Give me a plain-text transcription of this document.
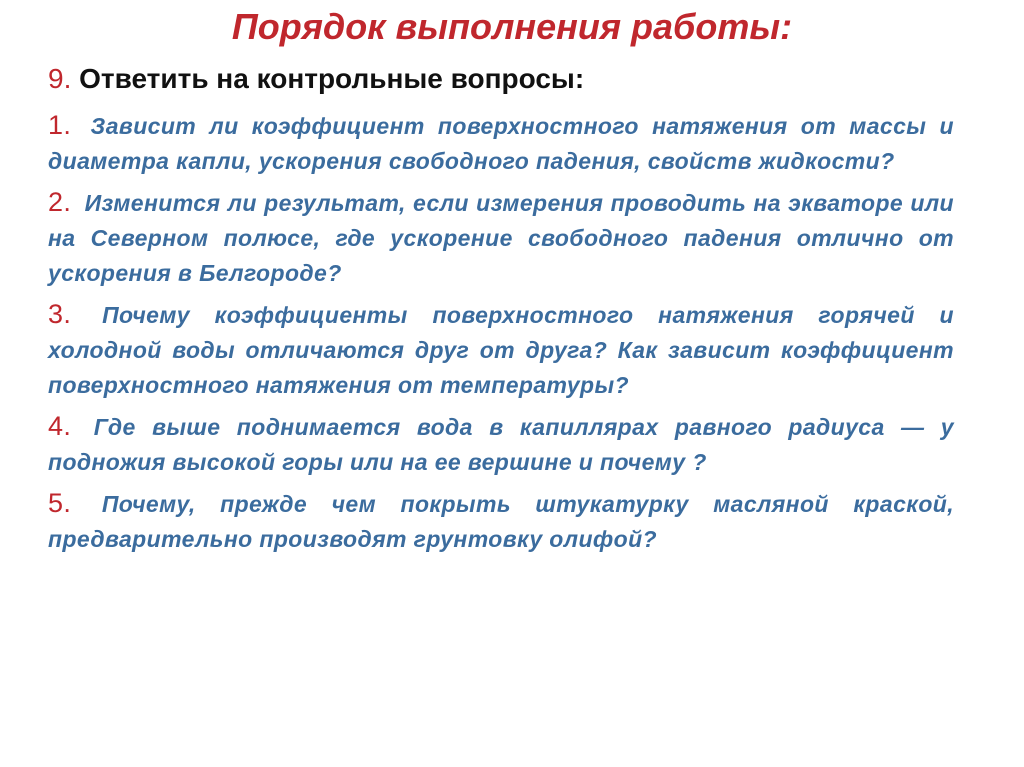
Порядок выполнения работы:
9. Ответить на контрольные вопросы:

1. Зависит ли коэффициент поверхностного натяжения от массы и диаметра капли, ускорения свободного падения, свойств жидкости?

2. Изменится ли результат, если измерения проводить на экваторе или на Северном полюсе, где ускорение свободного падения отлично от ускорения в Белгороде?

3. Почему коэффициенты поверхностного натяжения горячей и холодной воды отличаются друг от друга? Как зависит коэффициент поверхностного натяжения от температуры?

4. Где выше поднимается вода в капиллярах равного радиуса — у подножия высокой горы или на ее вершине и почему ?

5. Почему, прежде чем покрыть штукатурку масляной краской, предварительно производят грунтовку олифой?
